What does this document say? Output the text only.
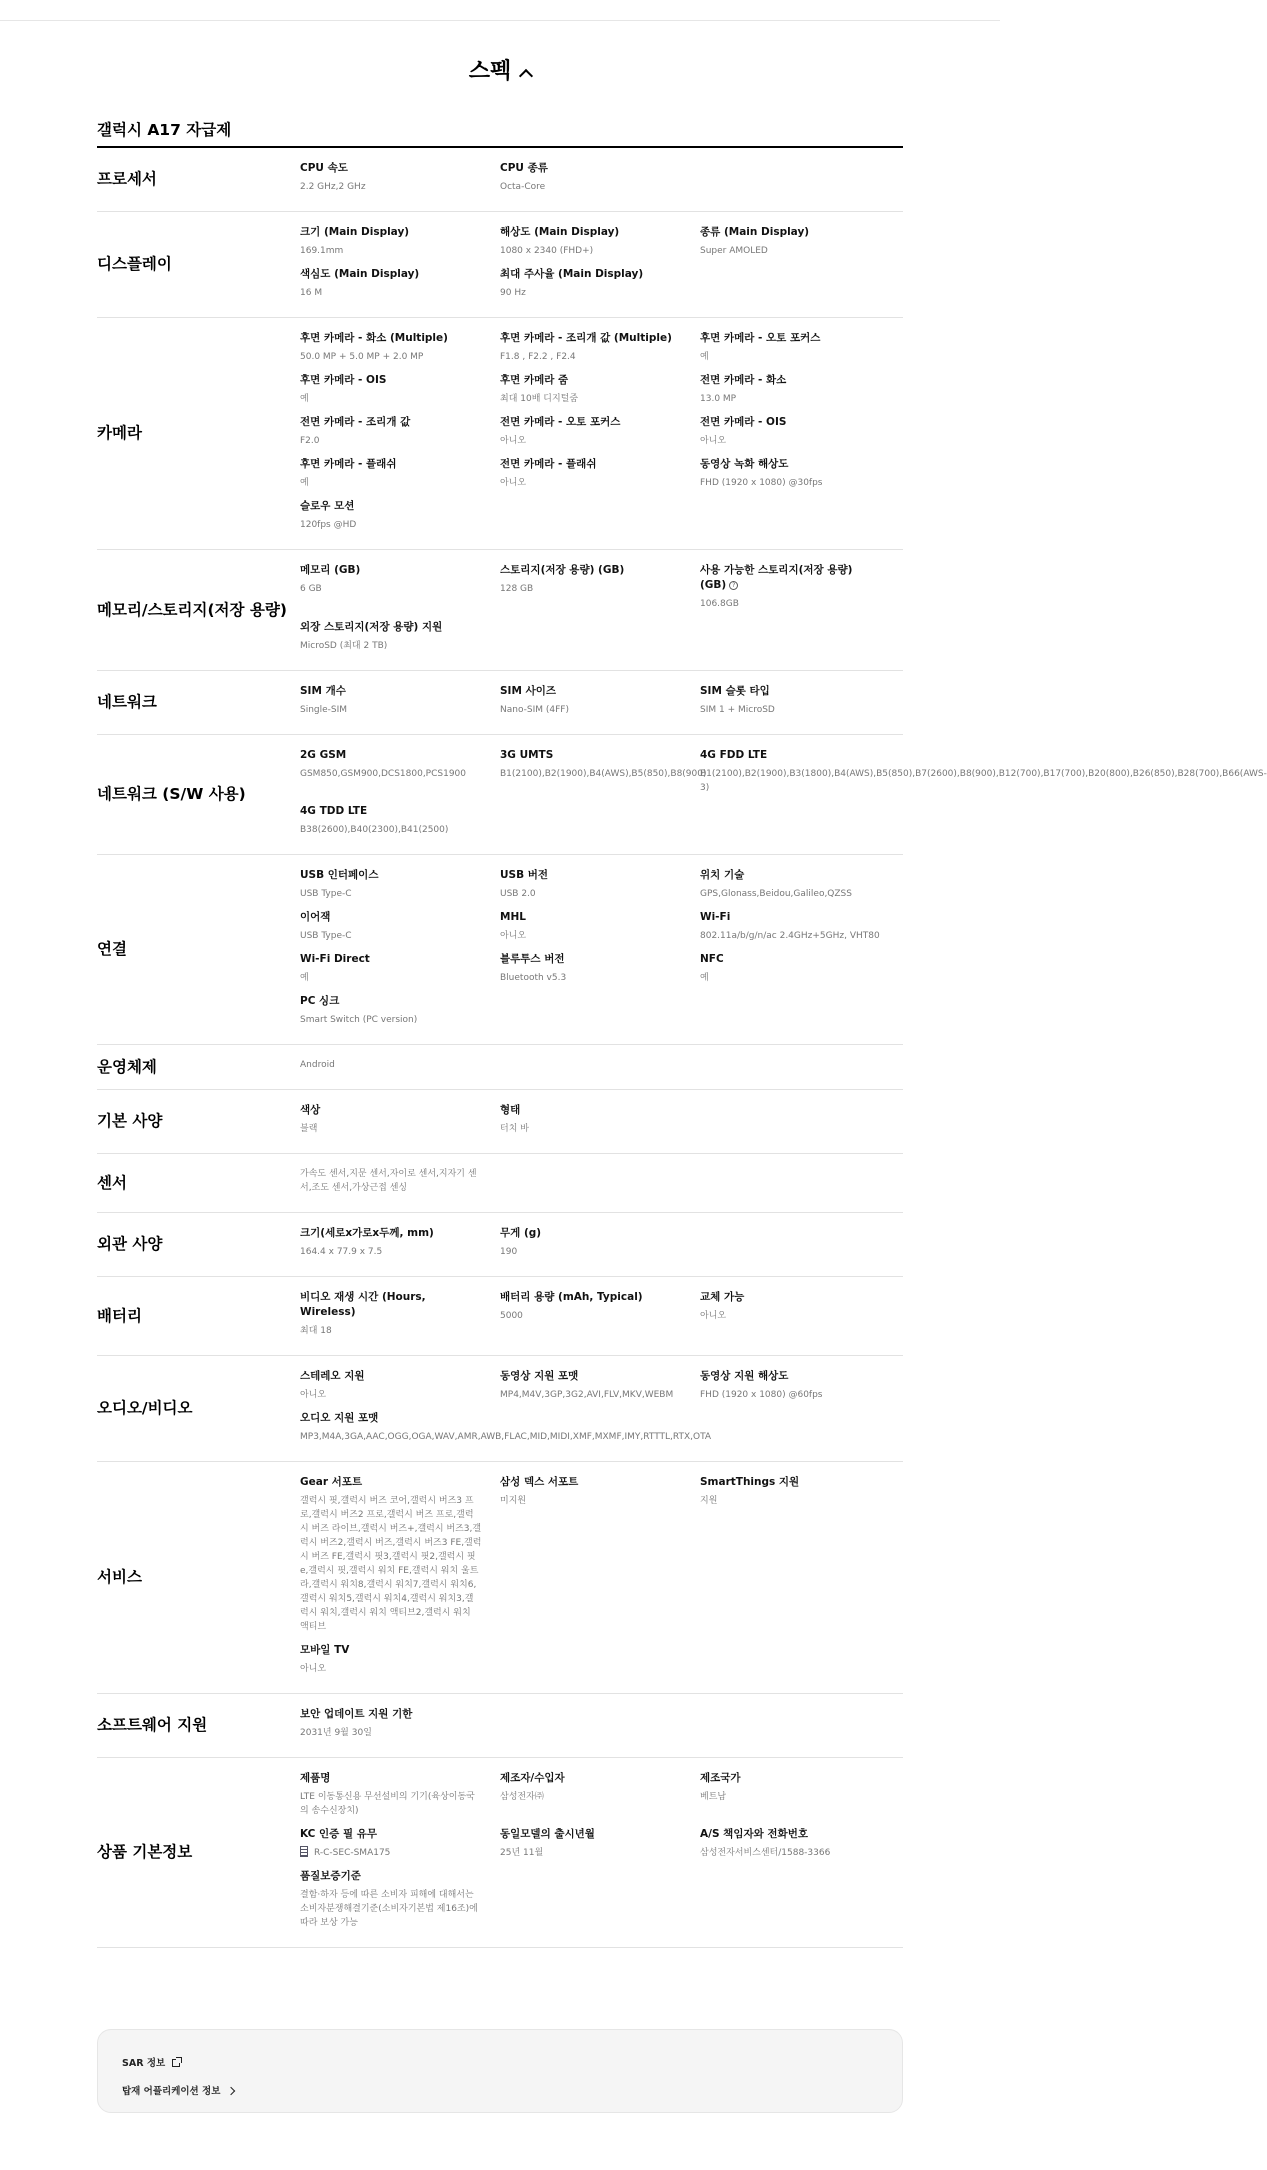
스펙
갤럭시 A17 자급제
프로세서
CPU 속도
2.2 GHz,2 GHz
CPU 종류
Octa-Core
디스플레이
크기 (Main Display)
169.1mm
해상도 (Main Display)
1080 x 2340 (FHD+)
종류 (Main Display)
Super AMOLED
색심도 (Main Display)
16 M
최대 주사율 (Main Display)
90 Hz
카메라
후면 카메라 - 화소 (Multiple)
50.0 MP + 5.0 MP + 2.0 MP
후면 카메라 - 조리개 값 (Multiple)
F1.8 , F2.2 , F2.4
후면 카메라 - 오토 포커스
예
후면 카메라 - OIS
예
후면 카메라 줌
최대 10배 디지털줌
전면 카메라 - 화소
13.0 MP
전면 카메라 - 조리개 값
F2.0
전면 카메라 - 오토 포커스
아니오
전면 카메라 - OIS
아니오
후면 카메라 - 플래쉬
예
전면 카메라 - 플래쉬
아니오
동영상 녹화 해상도
FHD (1920 x 1080) @30fps
슬로우 모션
120fps @HD
메모리/스토리지(저장 용량)
메모리 (GB)
6 GB
스토리지(저장 용량) (GB)
128 GB
사용 가능한 스토리지(저장 용량) (GB) ?
106.8GB
외장 스토리지(저장 용량) 지원
MicroSD (최대 2 TB)
네트워크
SIM 개수
Single-SIM
SIM 사이즈
Nano-SIM (4FF)
SIM 슬롯 타입
SIM 1 + MicroSD
네트워크 (S/W 사용)
2G GSM
GSM850,GSM900,DCS1800,PCS1900
3G UMTS
B1(2100),B2(1900),B4(AWS),B5(850),B8(900)
4G FDD LTE
B1(2100),B2(1900),B3(1800),B4(AWS),B5(850),B7(2600),B8(900),B12(700),B17(700),B20(800),B26(850),B28(700),B66(AWS-3)
4G TDD LTE
B38(2600),B40(2300),B41(2500)
연결
USB 인터페이스
USB Type-C
USB 버전
USB 2.0
위치 기술
GPS,Glonass,Beidou,Galileo,QZSS
이어잭
USB Type-C
MHL
아니오
Wi-Fi
802.11a/b/g/n/ac 2.4GHz+5GHz, VHT80
Wi-Fi Direct
예
블루투스 버전
Bluetooth v5.3
NFC
예
PC 싱크
Smart Switch (PC version)
운영체제	Android
기본 사양
색상
블랙
형태
터치 바
센서	가속도 센서,지문 센서,자이로 센서,지자기 센서,조도 센서,가상근접 센싱
외관 사양
크기(세로x가로x두께, mm)
164.4 x 77.9 x 7.5
무게 (g)
190
배터리
비디오 재생 시간 (Hours, Wireless)
최대 18
배터리 용량 (mAh, Typical)
5000
교체 가능
아니오
오디오/비디오
스테레오 지원
아니오
동영상 지원 포맷
MP4,M4V,3GP,3G2,AVI,FLV,MKV,WEBM
동영상 지원 해상도
FHD (1920 x 1080) @60fps
오디오 지원 포맷
MP3,M4A,3GA,AAC,OGG,OGA,WAV,AMR,AWB,FLAC,MID,MIDI,XMF,MXMF,IMY,RTTTL,RTX,OTA
서비스
Gear 서포트
갤럭시 핏,갤럭시 버즈 코어,갤럭시 버즈3 프로,갤럭시 버즈2 프로,갤럭시 버즈 프로,갤럭시 버즈 라이브,갤럭시 버즈+,갤럭시 버즈3,갤럭시 버즈2,갤럭시 버즈,갤럭시 버즈3 FE,갤럭시 버즈 FE,갤럭시 핏3,갤럭시 핏2,갤럭시 핏e,갤럭시 핏,갤럭시 워치 FE,갤럭시 워치 울트라,갤럭시 워치8,갤럭시 워치7,갤럭시 워치6,갤럭시 워치5,갤럭시 워치4,갤럭시 워치3,갤럭시 워치,갤럭시 워치 액티브2,갤럭시 워치 액티브
삼성 덱스 서포트
미지원
SmartThings 지원
지원
모바일 TV
아니오
소프트웨어 지원
보안 업데이트 지원 기한
2031년 9월 30일
상품 기본정보
제품명
LTE 이동통신용 무선설비의 기기(육상이동국의 송수신장치)
제조자/수입자
삼성전자㈜
제조국가
베트남
KC 인증 필 유무
R-C-SEC-SMA175
동일모델의 출시년월
25년 11월
A/S 책임자와 전화번호
삼성전자서비스센터/1588-3366
품질보증기준
결함·하자 등에 따른 소비자 피해에 대해서는 소비자분쟁해결기준(소비자기본법 제16조)에 따라 보상 가능
SAR 정보
탑재 어플리케이션 정보
